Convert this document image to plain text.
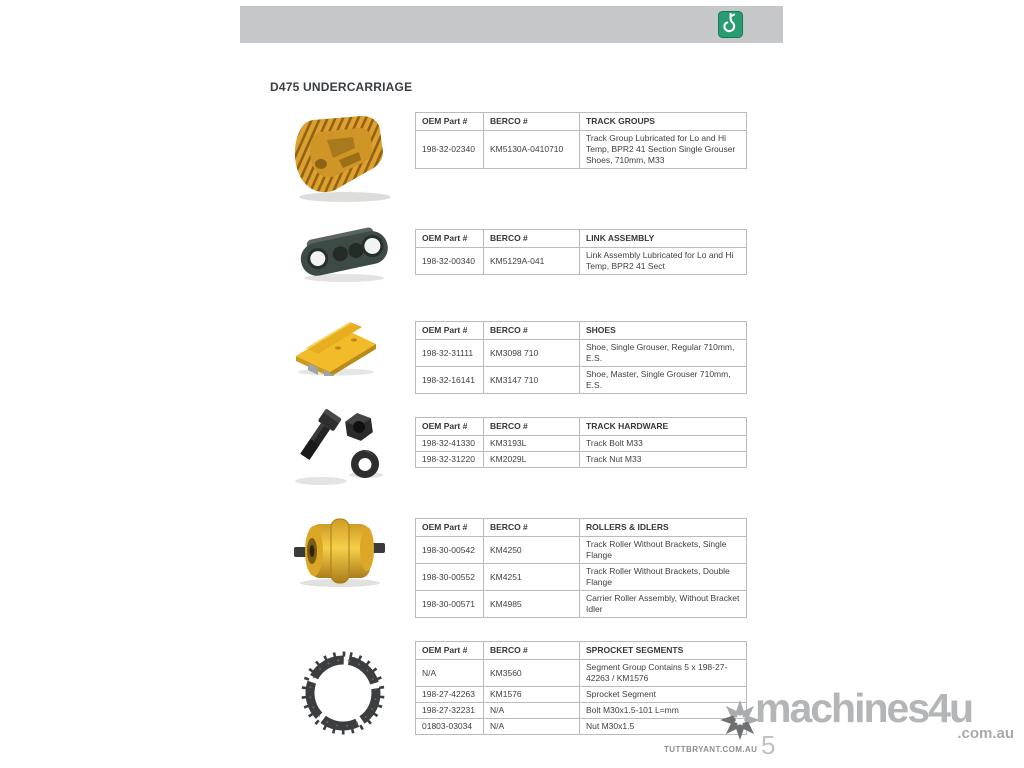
D475 UNDERCARRIAGE
OEM Part #	BERCO #	TRACK GROUPS
198-32-02340	KM5130A-0410710	Track Group Lubricated for Lo and Hi Temp, BPR2 41 Section Single Grouser Shoes, 710mm, M33
OEM Part #	BERCO #	LINK ASSEMBLY
198-32-00340	KM5129A-041	Link Assembly Lubricated for Lo and Hi Temp, BPR2 41 Sect
OEM Part #	BERCO #	SHOES
198-32-31111	KM3098 710	Shoe, Single Grouser, Regular 710mm, E.S.
198-32-16141	KM3147 710	Shoe, Master, Single Grouser 710mm, E.S.
OEM Part #	BERCO #	TRACK HARDWARE
198-32-41330	KM3193L	Track Bolt M33
198-32-31220	KM2029L	Track Nut M33
OEM Part #	BERCO #	ROLLERS & IDLERS
198-30-00542	KM4250	Track Roller Without Brackets, Single Flange
198-30-00552	KM4251	Track Roller Without Brackets, Double Flange
198-30-00571	KM4985	Carrier Roller Assembly, Without Bracket Idler
OEM Part #	BERCO #	SPROCKET SEGMENTS
N/A	KM3560	Segment Group Contains 5 x 198-27-42263 / KM1576
198-27-42263	KM1576	Sprocket Segment
198-27-32231	N/A	Bolt M30x1.5-101 L=mm
01803-03034	N/A	Nut M30x1.5	machines4u
.com.au
TUTTBRYANT.COM.AU 5
